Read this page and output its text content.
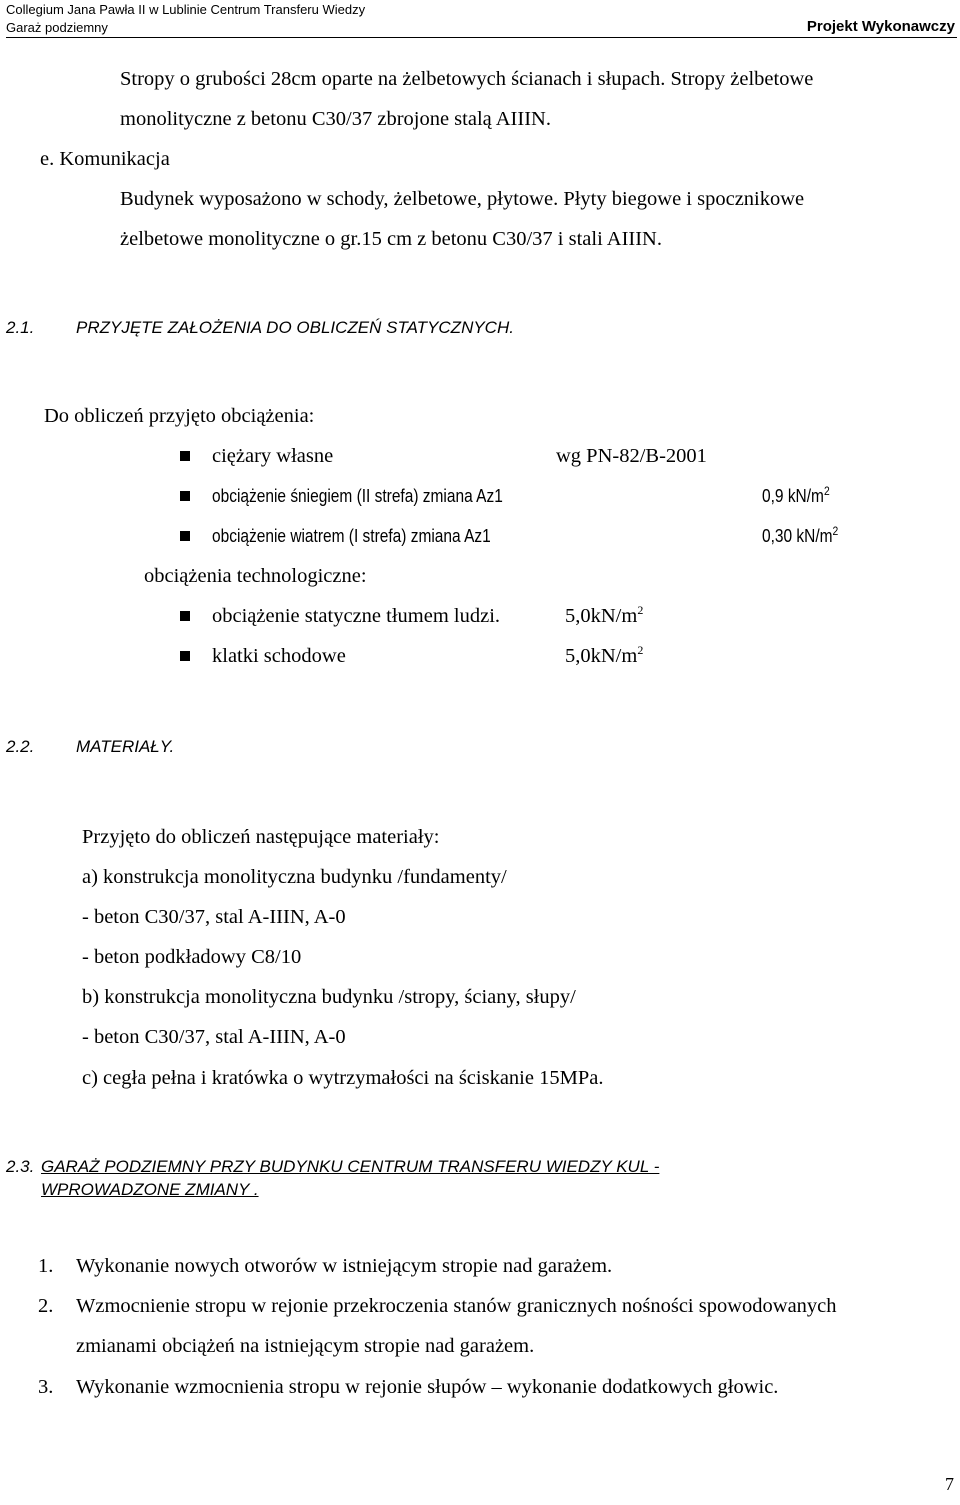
Collegium Jana Pawła II w Lublinie Centrum Transferu Wiedzy
Garaż podziemny	Projekt Wykonawczy
Stropy o grubości 28cm oparte na żelbetowych ścianach i słupach. Stropy żelbetowe
monolityczne z betonu C30/37 zbrojone stalą AIIIN.
e. Komunikacja
Budynek wyposażono w schody, żelbetowe, płytowe. Płyty biegowe i spocznikowe
żelbetowe monolityczne o gr.15 cm z betonu C30/37 i stali AIIIN.
2.1. PRZYJĘTE ZAŁOŻENIA DO OBLICZEŃ STATYCZNYCH.
Do obliczeń przyjęto obciążenia:
ciężary własne	wg PN-82/B-2001
obciążenie śniegiem (II strefa) zmiana Az1	0,9 $kN/m^2$
obciążenie wiatrem (I strefa) zmiana Az1	0,30 $kN/m^2$
obciążenia technologiczne:
obciążenie statyczne tłumem ludzi.	$5,0kN/m^2$
klatki schodowe	$5,0kN/m^2$
2.2. MATERIAŁY.
Przyjęto do obliczeń następujące materiały:
a) konstrukcja monolityczna budynku /fundamenty/
- beton C30/37, stal A-IIIN, A-0
- beton podkładowy C8/10
b) konstrukcja monolityczna budynku /stropy, ściany, słupy/
- beton C30/37, stal A-IIIN, A-0
c) cegła pełna i kratówka o wytrzymałości na ściskanie 15MPa.
2.3. GARAŻ PODZIEMNY PRZY BUDYNKU CENTRUM TRANSFERU WIEDZY KUL -
WPROWADZONE ZMIANY .
1. Wykonanie nowych otworów w istniejącym stropie nad garażem.
2. Wzmocnienie stropu w rejonie przekroczenia stanów granicznych nośności spowodowanych
zmianami obciążeń na istniejącym stropie nad garażem.
3. Wykonanie wzmocnienia stropu w rejonie słupów – wykonanie dodatkowych głowic.
7
